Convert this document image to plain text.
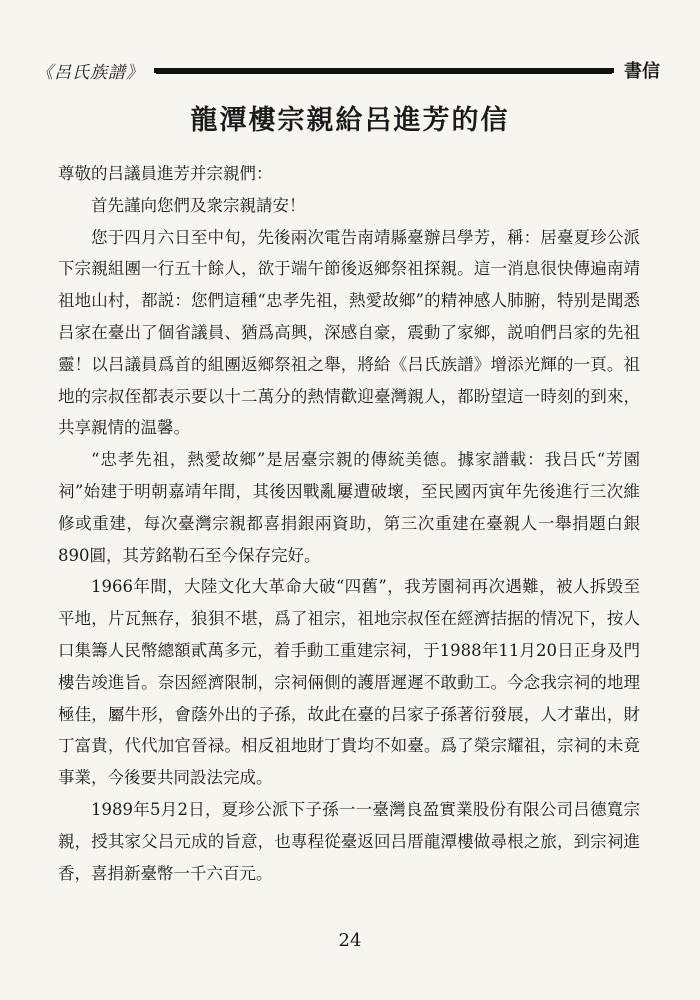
《呂氏族譜》	書信
龍潭樓宗親給呂進芳的信

尊敬的吕議員進芳并宗親們：

首先謹向您們及衆宗親請安！

您于四月六日至中旬，先後兩次電告南靖縣臺辦吕學芳，稱：居臺夏珍公派下宗親組團一行五十餘人，欲于端午節後返鄉祭祖探親。這一消息很快傳遍南靖祖地山村，都説：您們這種“忠孝先祖，熱愛故鄉”的精神感人肺腑，特别是聞悉吕家在臺出了個省議員、猶爲高興，深感自豪，震動了家鄉，説咱們吕家的先祖靈！以吕議員爲首的組團返鄉祭祖之舉，將給《吕氏族譜》增添光輝的一頁。祖地的宗叔侄都表示要以十二萬分的熱情歡迎臺灣親人，都盼望這一時刻的到來，共享親情的温馨。

“忠孝先祖，熱愛故鄉”是居臺宗親的傳統美德。據家譜載：我吕氏“芳園祠”始建于明朝嘉靖年間，其後因戰亂屢遭破壞，至民國丙寅年先後進行三次維修或重建，每次臺灣宗親都喜捐銀兩資助，第三次重建在臺親人一舉捐題白銀890圓，其芳銘勒石至今保存完好。

1966年間，大陸文化大革命大破“四舊”，我芳園祠再次遇難，被人拆毁至平地，片瓦無存，狼狽不堪，爲了祖宗，祖地宗叔侄在經濟拮据的情况下，按人口集籌人民幣總額貳萬多元，着手動工重建宗祠，于1988年11月20日正身及門樓告竣進旨。奈因經濟限制，宗祠倆側的護厝遲遲不敢動工。今念我宗祠的地理極佳，屬牛形，會蔭外出的子孫，故此在臺的吕家子孫著衍發展，人才輩出，財丁富貴，代代加官晉禄。相反祖地財丁貴均不如臺。爲了榮宗耀祖，宗祠的未竟事業，今後要共同設法完成。

1989年5月2日，夏珍公派下子孫一一臺灣良盈實業股份有限公司吕德寬宗親，授其家父吕元成的旨意，也專程從臺返回吕厝龍潭樓做尋根之旅，到宗祠進香，喜捐新臺幣一千六百元。

24
